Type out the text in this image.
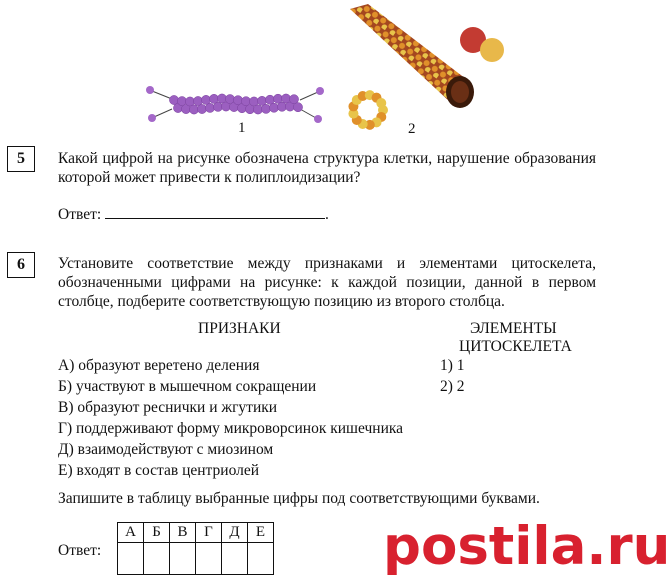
1	2
5	Какой цифрой на рисунке обозначена структура клетки, нарушение образования которой может привести к полиплоидизации?
Ответ:	.
6	Установите соответствие между признаками и элементами цитоскелета, обозначенными цифрами на рисунке: к каждой позиции, данной в первом столбце, подберите соответствующую позицию из второго столбца.
ПРИЗНАКИ	ЭЛЕМЕНТЫ
ЦИТОСКЕЛЕТА
А) образуют веретено деления
Б) участвуют в мышечном сокращении
В) образуют реснички и жгутики
Г) поддерживают форму микроворсинок кишечника
Д) взаимодействуют с миозином
Е) входят в состав центриолей
1) 1
2) 2
Запишите в таблицу выбранные цифры под соответствующими буквами.
Ответ:
А	Б	В	Г	Д	Е
					postila.ru
